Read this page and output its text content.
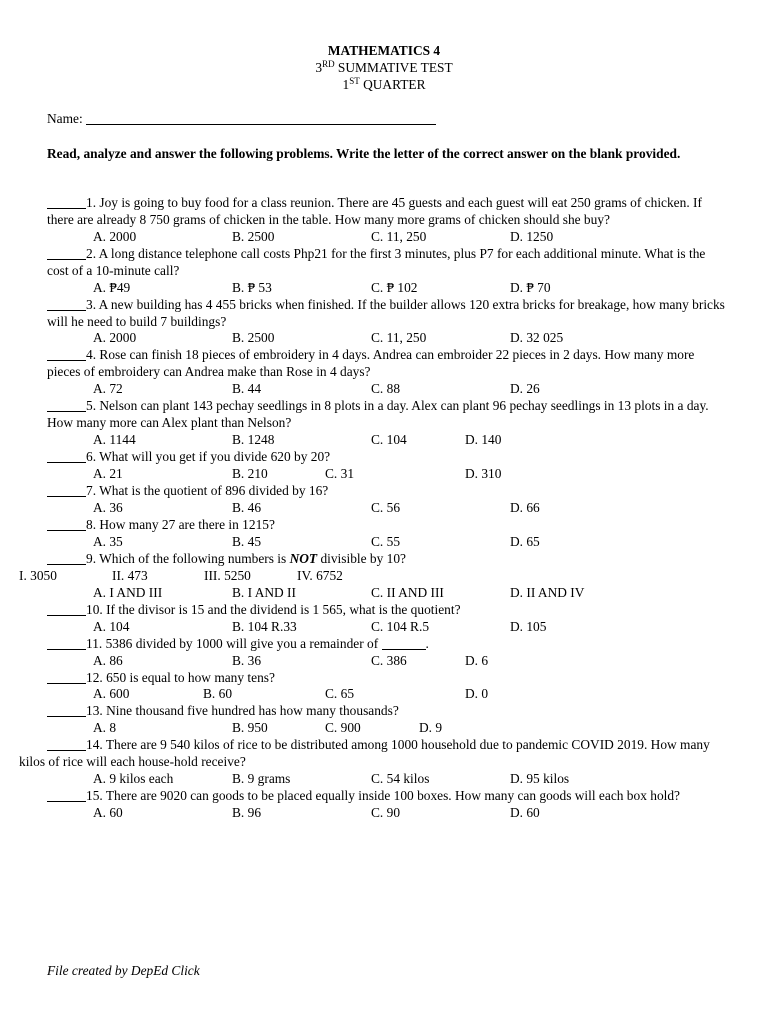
MATHEMATICS 4
3RD SUMMATIVE TEST
1ST QUARTER
Name:
Read, analyze and answer the following problems. Write the letter of the correct answer on the blank provided.
1. Joy is going to buy food for a class reunion. There are 45 guests and each guest will eat 250 grams of chicken. If there are already 8 750 grams of chicken in the table. How many more grams of chicken should she buy?
A. 2000	B. 2500	C. 11, 250	D. 1250
2. A long distance telephone call costs Php21 for the first 3 minutes, plus P7 for each additional minute. What is the cost of a 10-minute call?
A. ₱49	B. ₱ 53	C. ₱ 102	D. ₱ 70
3. A new building has 4 455 bricks when finished. If the builder allows 120 extra bricks for breakage, how many bricks will he need to build 7 buildings?
A. 2000	B. 2500	C. 11, 250	D. 32 025
4. Rose can finish 18 pieces of embroidery in 4 days. Andrea can embroider 22 pieces in 2 days. How many more pieces of embroidery can Andrea make than Rose in 4 days?
A. 72	B. 44	C. 88	D. 26
5. Nelson can plant 143 pechay seedlings in 8 plots in a day. Alex can plant 96 pechay seedlings in 13 plots in a day. How many more can Alex plant than Nelson?
A. 1144	B. 1248	C. 104	D. 140
6. What will you get if you divide 620 by 20?
A. 21	B. 210	C. 31	D. 310
7. What is the quotient of 896 divided by 16?
A. 36	B. 46	C. 56	D. 66
8. How many 27 are there in 1215?
A. 35	B. 45	C. 55	D. 65
9. Which of the following numbers is NOT divisible by 10?
I. 3050	II. 473	III. 5250	IV. 6752
A. I AND III	B. I AND II	C. II AND III	D. II AND IV
10. If the divisor is 15 and the dividend is 1 565, what is the quotient?
A. 104	B. 104 R.33	C. 104 R.5	D. 105
11. 5386 divided by 1000 will give you a remainder of	.
A. 86	B. 36	C. 386	D. 6
12. 650 is equal to how many tens?
A. 600	B. 60	C. 65	D. 0
13. Nine thousand five hundred has how many thousands?
A. 8	B. 950	C. 900	D. 9
14. There are 9 540 kilos of rice to be distributed among 1000 household due to pandemic COVID 2019. How many kilos of rice will each house-hold receive?
A. 9 kilos each	B. 9 grams	C. 54 kilos	D. 95 kilos
15. There are 9020 can goods to be placed equally inside 100 boxes. How many can goods will each box hold?
A. 60	B. 96	C. 90	D. 60
File created by DepEd Click
